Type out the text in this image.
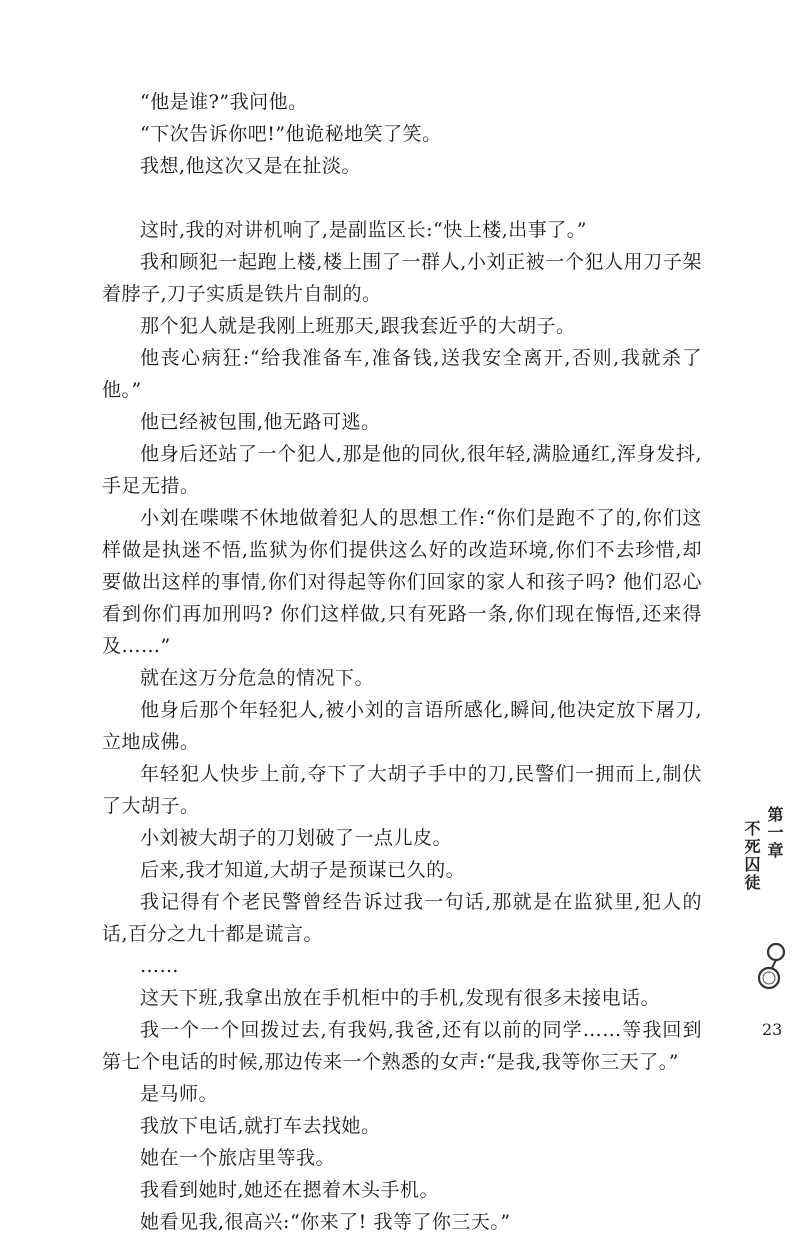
“他是谁?”我问他。

“下次告诉你吧!”他诡秘地笑了笑。

我想,他这次又是在扯淡。

这时,我的对讲机响了,是副监区长:“快上楼,出事了。”

我和顾犯一起跑上楼,楼上围了一群人,小刘正被一个犯人用刀子架着脖子,刀子实质是铁片自制的。

那个犯人就是我刚上班那天,跟我套近乎的大胡子。

他丧心病狂:“给我准备车,准备钱,送我安全离开,否则,我就杀了他。”

他已经被包围,他无路可逃。

他身后还站了一个犯人,那是他的同伙,很年轻,满脸通红,浑身发抖,手足无措。

小刘在喋喋不休地做着犯人的思想工作:“你们是跑不了的,你们这样做是执迷不悟,监狱为你们提供这么好的改造环境,你们不去珍惜,却要做出这样的事情,你们对得起等你们回家的家人和孩子吗? 他们忍心看到你们再加刑吗? 你们这样做,只有死路一条,你们现在悔悟,还来得及……”

就在这万分危急的情况下。

他身后那个年轻犯人,被小刘的言语所感化,瞬间,他决定放下屠刀,立地成佛。

年轻犯人快步上前,夺下了大胡子手中的刀,民警们一拥而上,制伏了大胡子。

小刘被大胡子的刀划破了一点儿皮。

后来,我才知道,大胡子是预谋已久的。

我记得有个老民警曾经告诉过我一句话,那就是在监狱里,犯人的话,百分之九十都是谎言。

……

这天下班,我拿出放在手机柜中的手机,发现有很多未接电话。

我一个一个回拨过去,有我妈,我爸,还有以前的同学……等我回到第七个电话的时候,那边传来一个熟悉的女声:“是我,我等你三天了。”

是马师。

我放下电话,就打车去找她。

她在一个旅店里等我。

我看到她时,她还在摁着木头手机。

她看见我,很高兴:“你来了! 我等了你三天。”

第一章
不死囚徒
23
